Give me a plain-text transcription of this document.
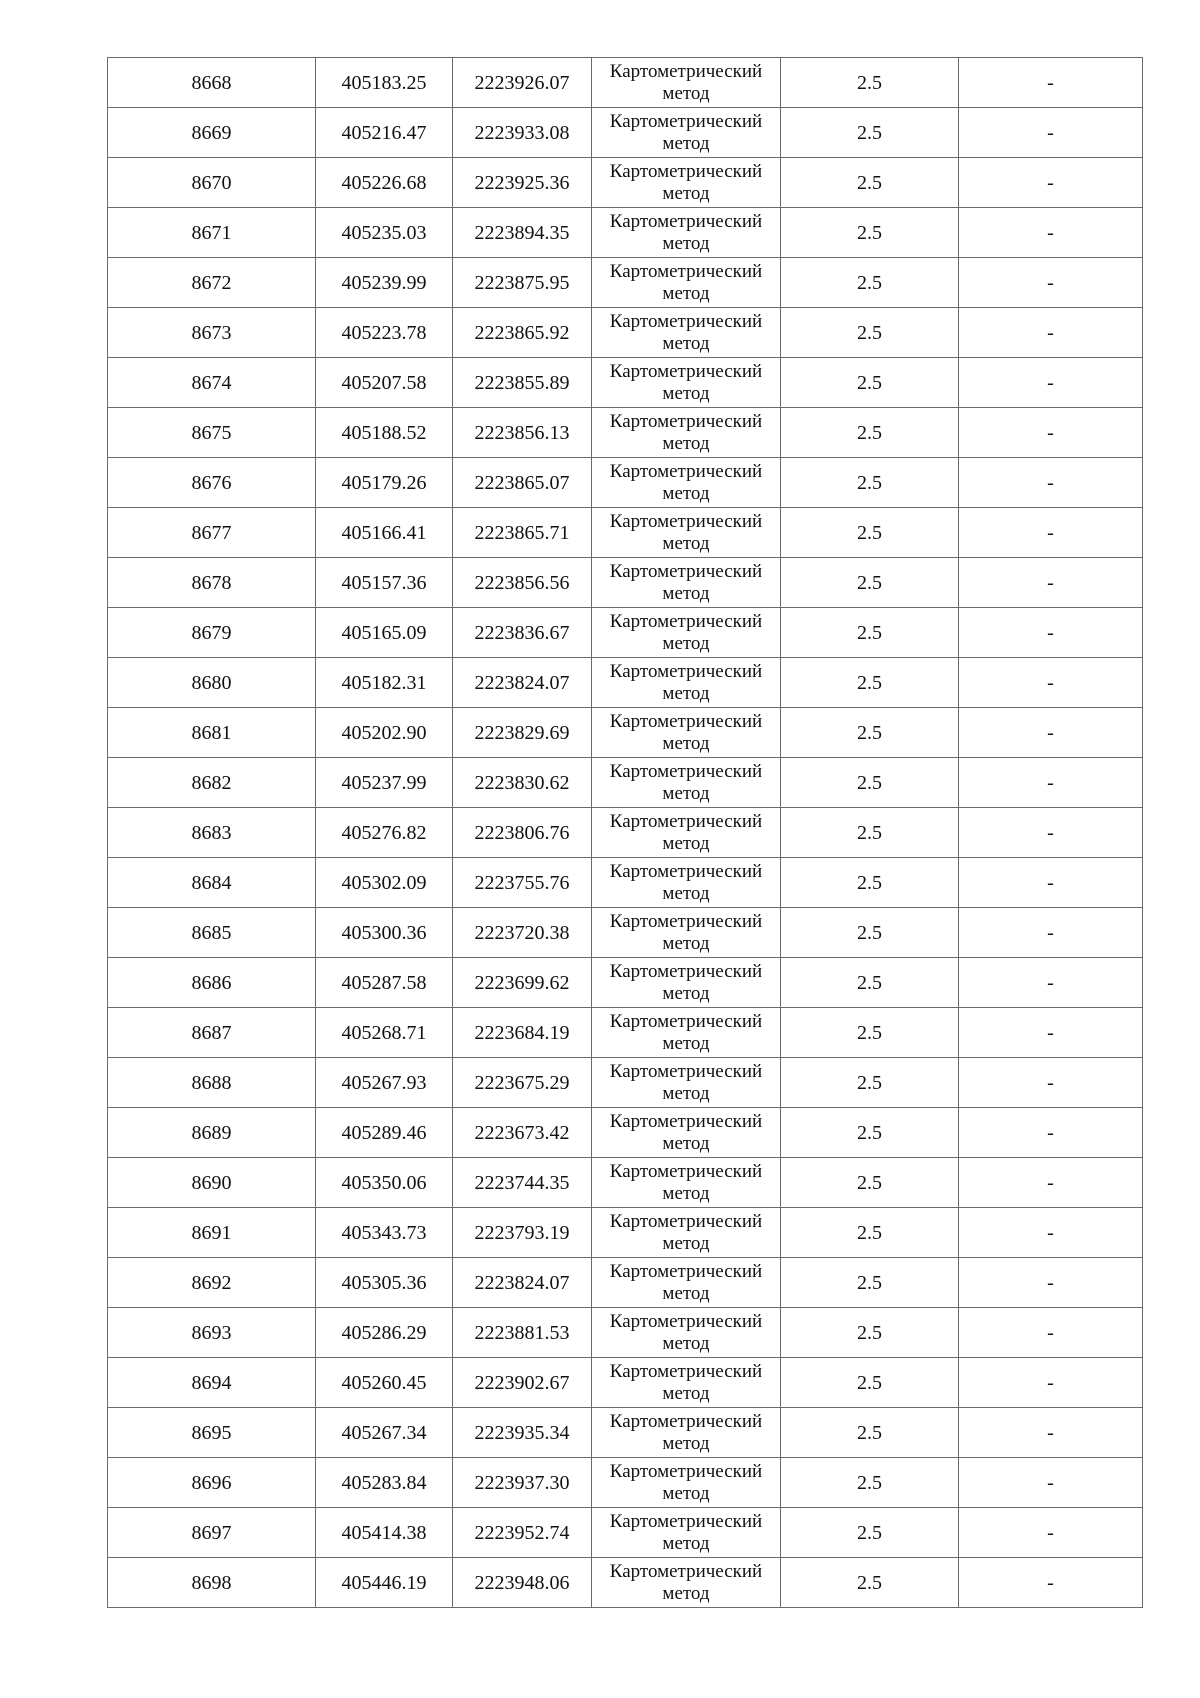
8668	405183.25	2223926.07	Картометрический
метод	2.5	-
8669	405216.47	2223933.08	Картометрический
метод	2.5	-
8670	405226.68	2223925.36	Картометрический
метод	2.5	-
8671	405235.03	2223894.35	Картометрический
метод	2.5	-
8672	405239.99	2223875.95	Картометрический
метод	2.5	-
8673	405223.78	2223865.92	Картометрический
метод	2.5	-
8674	405207.58	2223855.89	Картометрический
метод	2.5	-
8675	405188.52	2223856.13	Картометрический
метод	2.5	-
8676	405179.26	2223865.07	Картометрический
метод	2.5	-
8677	405166.41	2223865.71	Картометрический
метод	2.5	-
8678	405157.36	2223856.56	Картометрический
метод	2.5	-
8679	405165.09	2223836.67	Картометрический
метод	2.5	-
8680	405182.31	2223824.07	Картометрический
метод	2.5	-
8681	405202.90	2223829.69	Картометрический
метод	2.5	-
8682	405237.99	2223830.62	Картометрический
метод	2.5	-
8683	405276.82	2223806.76	Картометрический
метод	2.5	-
8684	405302.09	2223755.76	Картометрический
метод	2.5	-
8685	405300.36	2223720.38	Картометрический
метод	2.5	-
8686	405287.58	2223699.62	Картометрический
метод	2.5	-
8687	405268.71	2223684.19	Картометрический
метод	2.5	-
8688	405267.93	2223675.29	Картометрический
метод	2.5	-
8689	405289.46	2223673.42	Картометрический
метод	2.5	-
8690	405350.06	2223744.35	Картометрический
метод	2.5	-
8691	405343.73	2223793.19	Картометрический
метод	2.5	-
8692	405305.36	2223824.07	Картометрический
метод	2.5	-
8693	405286.29	2223881.53	Картометрический
метод	2.5	-
8694	405260.45	2223902.67	Картометрический
метод	2.5	-
8695	405267.34	2223935.34	Картометрический
метод	2.5	-
8696	405283.84	2223937.30	Картометрический
метод	2.5	-
8697	405414.38	2223952.74	Картометрический
метод	2.5	-
8698	405446.19	2223948.06	Картометрический
метод	2.5	-
